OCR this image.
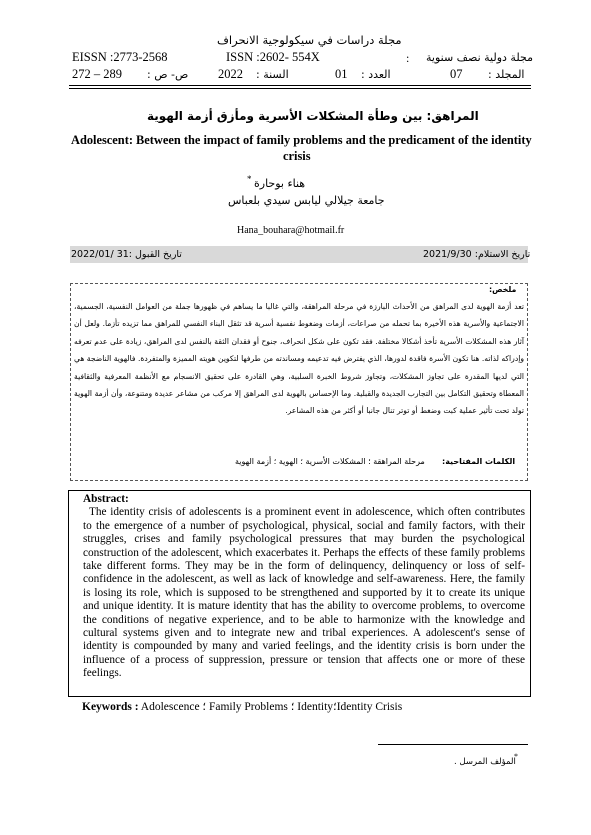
مجلة دراسات في سيكولوجية الانحراف
مجلة دولية نصف سنوية
:
ISSN :2602- 554X
EISSN :2773-2568
المجلد :
07
العدد :
01
السنة :
2022
ص- ص :
272 – 289
المراهق: بين وطأة المشكلات الأسرية ومأزق أزمة الهوية
Adolescent: Between the impact of family problems and the predicament of the identity
crisis
هناء بوحارة
*
جامعة جيلالي ليابس سيدي بلعباس
Hana_bouhara@hotmail.fr
تاريخ الاستلام: 2021/9/30
تاريخ القبول :31 /2022/01
ملخص:
تعد أزمة الهوية لدى المراهق من الأحداث البارزة في مرحلة المراهقة، والتي غالبا ما يساهم في ظهورها جملة من العوامل النفسية، الجسمية، الاجتماعية والأسرية هذه الأخيرة بما تحمله من صراعات، أزمات وضغوط نفسية أسرية قد تثقل البناء النفسي للمراهق مما تزيده تأزما. ولعل أن آثار هذه المشكلات الأسرية تأخذ أشكالا مختلفة. فقد تكون على شكل انحراف، جنوح أو فقدان الثقة بالنفس لدى المراهق، زيادة على عدم تعرفه وإدراكه لذاته. هنا تكون الأسرة فاقدة لدورها، الذي يفترض فيه تدعيمه ومساندته من طرفها لتكوين هويته المميزة والمتفردة. فالهوية الناضجة هي التي لديها المقدرة على تجاوز المشكلات، وتجاوز شروط الخبرة السلبية، وهي القادرة على تحقيق الانسجام مع الأنظمة المعرفية والثقافية المعطاة وتحقيق التكامل بين التجارب الجديدة والقبلية. وما الإحساس بالهوية لدى المراهق إلا مركب من مشاعر عديدة ومتنوعة، وأن أزمة الهوية تولد تحت تأثير عملية كبت وضغط أو توتر تنال جانبا أو أكثر من هذه المشاعر.
الكلمات المفتاحية:
مرحلة المراهقة ؛ المشكلات الأسرية ؛ الهوية ؛ أزمة الهوية
Abstract:
The identity crisis of adolescents is a prominent event in adolescence, which often contributes to the emergence of a number of psychological, physical, social and family factors, with their struggles, crises and family psychological pressures that may burden the psychological construction of the adolescent, which exacerbates it. Perhaps the effects of these family problems take different forms. They may be in the form of delinquency, delinquency or loss of self-confidence in the adolescent, as well as lack of knowledge and self-awareness. Here, the family is losing its role, which is supposed to be strengthened and supported by it to create its unique and unique identity. It is mature identity that has the ability to overcome problems, to overcome the conditions of negative experience, and to be able to harmonize with the knowledge and cultural systems given and to integrate new and tribal experiences. A adolescent's sense of identity is compounded by many and varied feelings, and the identity crisis is born under the influence of a process of suppression, pressure or tension that affects one or more of these feelings.
Keywords : Adolescence ؛ Family Problems ؛ Identity؛Identity Crisis
*
المؤلف المرسل .
